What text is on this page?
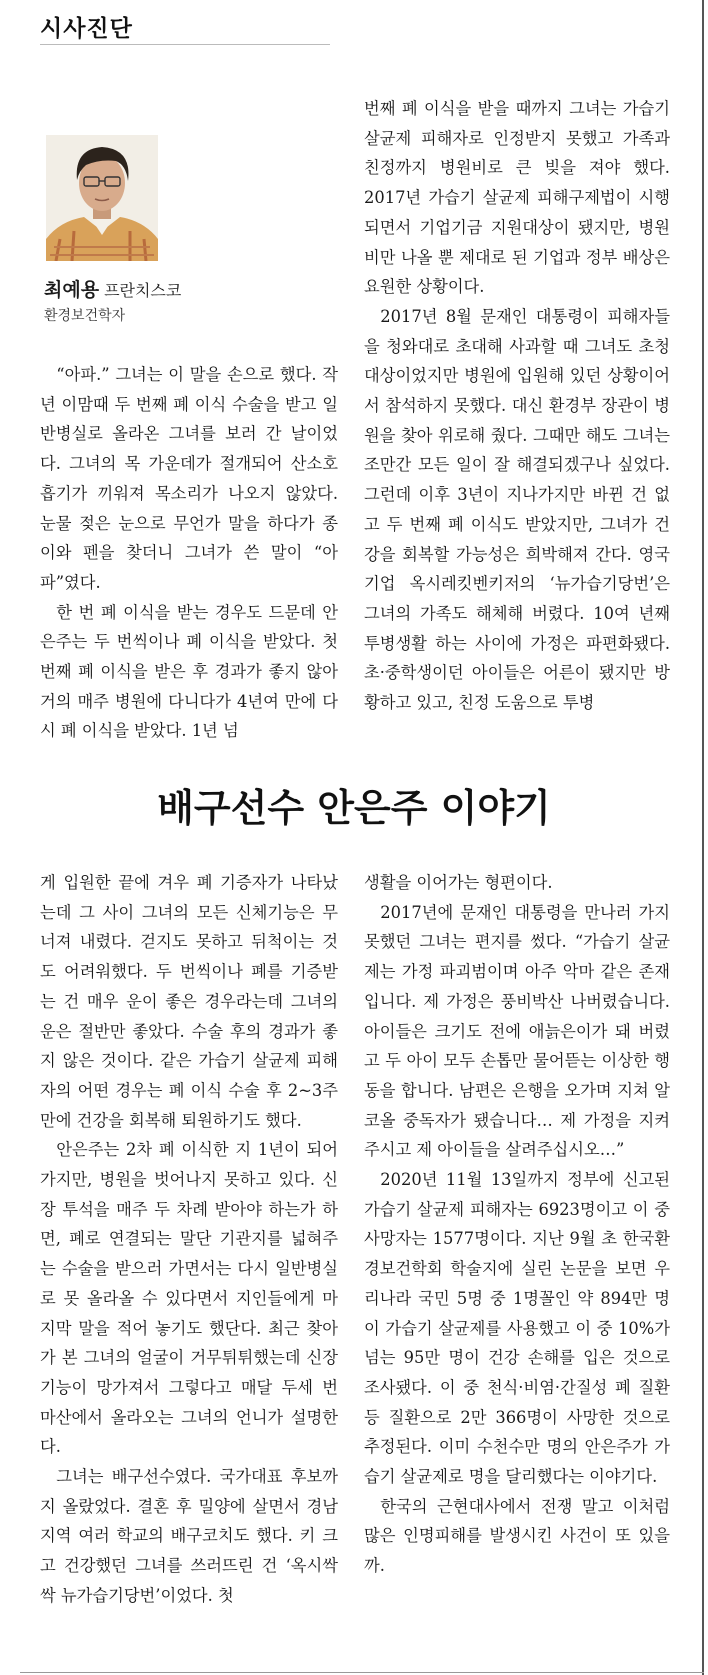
시사진단
최예용 프란치스코
환경보건학자

“아파.” 그녀는 이 말을 손으로 했다. 작년 이맘때 두 번째 폐 이식 수술을 받고 일반병실로 올라온 그녀를 보러 간 날이었다. 그녀의 목 가운데가 절개되어 산소호흡기가 끼워져 목소리가 나오지 않았다. 눈물 젖은 눈으로 무언가 말을 하다가 종이와 펜을 찾더니 그녀가 쓴 말이 “아파”였다.

한 번 폐 이식을 받는 경우도 드문데 안은주는 두 번씩이나 폐 이식을 받았다. 첫 번째 폐 이식을 받은 후 경과가 좋지 않아 거의 매주 병원에 다니다가 4년여 만에 다시 폐 이식을 받았다. 1년 넘

번째 폐 이식을 받을 때까지 그녀는 가습기 살균제 피해자로 인정받지 못했고 가족과 친정까지 병원비로 큰 빚을 져야 했다. 2017년 가습기 살균제 피해구제법이 시행되면서 기업기금 지원대상이 됐지만, 병원비만 나올 뿐 제대로 된 기업과 정부 배상은 요원한 상황이다.

2017년 8월 문재인 대통령이 피해자들을 청와대로 초대해 사과할 때 그녀도 초청 대상이었지만 병원에 입원해 있던 상황이어서 참석하지 못했다. 대신 환경부 장관이 병원을 찾아 위로해 줬다. 그때만 해도 그녀는 조만간 모든 일이 잘 해결되겠구나 싶었다. 그런데 이후 3년이 지나가지만 바뀐 건 없고 두 번째 폐 이식도 받았지만, 그녀가 건강을 회복할 가능성은 희박해져 간다. 영국기업 옥시레킷벤키저의 ‘뉴가습기당번’은 그녀의 가족도 해체해 버렸다. 10여 년째 투병생활 하는 사이에 가정은 파편화됐다. 초·중학생이던 아이들은 어른이 됐지만 방황하고 있고, 친정 도움으로 투병

배구선수 안은주 이야기

게 입원한 끝에 겨우 폐 기증자가 나타났는데 그 사이 그녀의 모든 신체기능은 무너져 내렸다. 걷지도 못하고 뒤척이는 것도 어려워했다. 두 번씩이나 폐를 기증받는 건 매우 운이 좋은 경우라는데 그녀의 운은 절반만 좋았다. 수술 후의 경과가 좋지 않은 것이다. 같은 가습기 살균제 피해자의 어떤 경우는 폐 이식 수술 후 2~3주 만에 건강을 회복해 퇴원하기도 했다.

안은주는 2차 폐 이식한 지 1년이 되어가지만, 병원을 벗어나지 못하고 있다. 신장 투석을 매주 두 차례 받아야 하는가 하면, 폐로 연결되는 말단 기관지를 넓혀주는 수술을 받으러 가면서는 다시 일반병실로 못 올라올 수 있다면서 지인들에게 마지막 말을 적어 놓기도 했단다. 최근 찾아가 본 그녀의 얼굴이 거무튀튀했는데 신장 기능이 망가져서 그렇다고 매달 두세 번 마산에서 올라오는 그녀의 언니가 설명한다.

그녀는 배구선수였다. 국가대표 후보까지 올랐었다. 결혼 후 밀양에 살면서 경남 지역 여러 학교의 배구코치도 했다. 키 크고 건강했던 그녀를 쓰러뜨린 건 ‘옥시싹싹 뉴가습기당번’이었다. 첫

생활을 이어가는 형편이다.

2017년에 문재인 대통령을 만나러 가지 못했던 그녀는 편지를 썼다. “가습기 살균제는 가정 파괴범이며 아주 악마 같은 존재입니다. 제 가정은 풍비박산 나버렸습니다. 아이들은 크기도 전에 애늙은이가 돼 버렸고 두 아이 모두 손톱만 물어뜯는 이상한 행동을 합니다. 남편은 은행을 오가며 지쳐 알코올 중독자가 됐습니다… 제 가정을 지켜주시고 제 아이들을 살려주십시오…”

2020년 11월 13일까지 정부에 신고된 가습기 살균제 피해자는 6923명이고 이 중 사망자는 1577명이다. 지난 9월 초 한국환경보건학회 학술지에 실린 논문을 보면 우리나라 국민 5명 중 1명꼴인 약 894만 명이 가습기 살균제를 사용했고 이 중 10%가 넘는 95만 명이 건강 손해를 입은 것으로 조사됐다. 이 중 천식·비염·간질성 폐 질환 등 질환으로 2만 366명이 사망한 것으로 추정된다. 이미 수천수만 명의 안은주가 가습기 살균제로 명을 달리했다는 이야기다.

한국의 근현대사에서 전쟁 말고 이처럼 많은 인명피해를 발생시킨 사건이 또 있을까.
